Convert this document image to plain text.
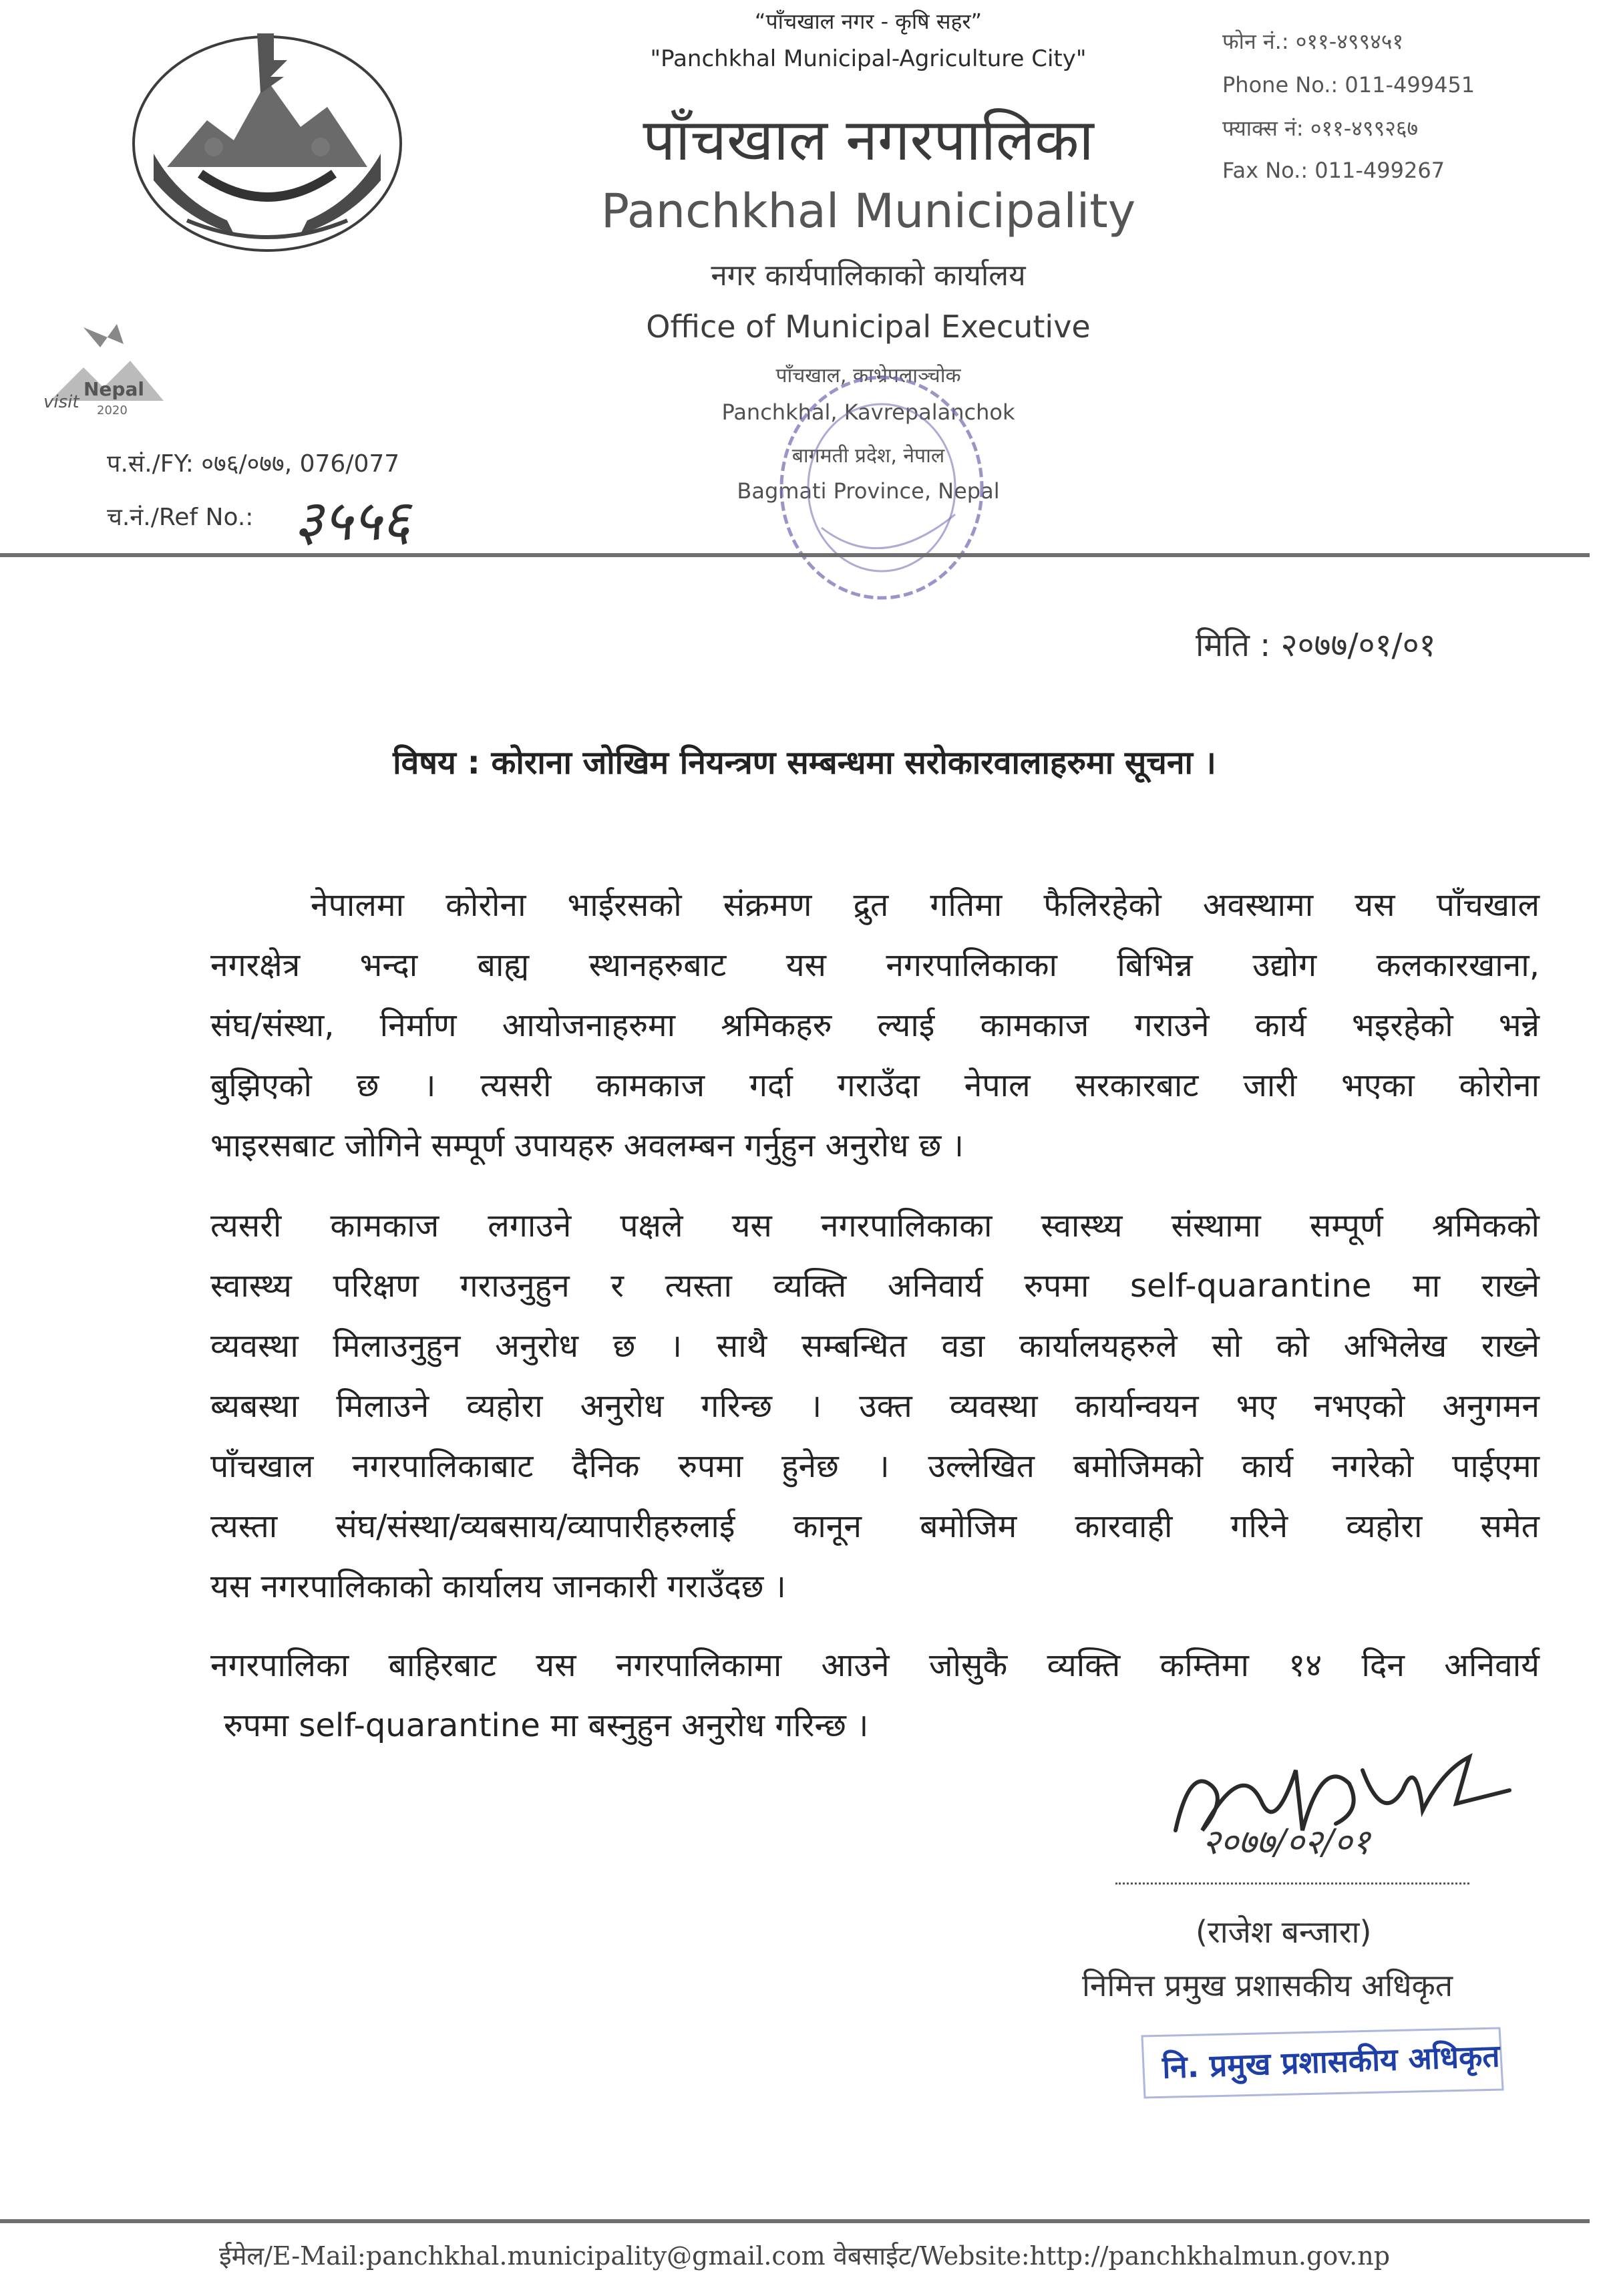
visit
Nepal
2020
“पाँचखाल नगर - कृषि सहर”
"Panchkhal Municipal-Agriculture City"
पाँचखाल नगरपालिका
Panchkhal Municipality
नगर कार्यपालिकाको कार्यालय
Office of Municipal Executive
पाँचखाल, काभ्रेपलाञ्चोक
Panchkhal, Kavrepalanchok
बागमती प्रदेश, नेपाल
Bagmati Province, Nepal
फोन नं.: ०११-४९९४५१
Phone No.: 011-499451
फ्याक्स नं: ०११-४९९२६७
Fax No.: 011-499267
प.सं./FY: ०७६/०७७, 076/077
च.नं./Ref No.: ३५५६
मिति : २०७७/०१/०१
विषय : कोराना जोखिम नियन्त्रण सम्बन्धमा सरोकारवालाहरुमा सूचना ।
नेपालमा कोरोना भाईरसको संक्रमण द्रुत गतिमा फैलिरहेको अवस्थामा यस पाँचखाल
नगरक्षेत्र भन्दा बाह्य स्थानहरुबाट यस नगरपालिकाका बिभिन्न उद्योग कलकारखाना,
संघ/संस्था, निर्माण आयोजनाहरुमा श्रमिकहरु ल्याई कामकाज गराउने कार्य भइरहेको भन्ने
बुझिएको छ । त्यसरी कामकाज गर्दा गराउँदा नेपाल सरकारबाट जारी भएका कोरोना
भाइरसबाट जोगिने सम्पूर्ण उपायहरु अवलम्बन गर्नुहुन अनुरोध छ ।
त्यसरी कामकाज लगाउने पक्षले यस नगरपालिकाका स्वास्थ्य संस्थामा सम्पूर्ण श्रमिकको
स्वास्थ्य परिक्षण गराउनुहुन र त्यस्ता व्यक्ति अनिवार्य रुपमा self-quarantine मा राख्ने
व्यवस्था मिलाउनुहुन अनुरोध छ । साथै सम्बन्धित वडा कार्यालयहरुले सो को अभिलेख राख्ने
ब्यबस्था मिलाउने व्यहोरा अनुरोध गरिन्छ । उक्त व्यवस्था कार्यान्वयन भए नभएको अनुगमन
पाँचखाल नगरपालिकाबाट दैनिक रुपमा हुनेछ । उल्लेखित बमोजिमको कार्य नगरेको पाईएमा
त्यस्ता संघ/संस्था/व्यबसाय/व्यापारीहरुलाई कानून बमोजिम कारवाही गरिने व्यहोरा समेत
यस नगरपालिकाको कार्यालय जानकारी गराउँदछ ।
नगरपालिका बाहिरबाट यस नगरपालिकामा आउने जोसुकै व्यक्ति कम्तिमा १४ दिन अनिवार्य
रुपमा self-quarantine मा बस्नुहुन अनुरोध गरिन्छ ।
२०७७/०२/०१
(राजेश बन्जारा)
निमित्त प्रमुख प्रशासकीय अधिकृत
नि. प्रमुख प्रशासकीय अधिकृत
ईमेल/E-Mail:panchkhal.municipality@gmail.com वेबसाईट/Website:http://panchkhalmun.gov.np
